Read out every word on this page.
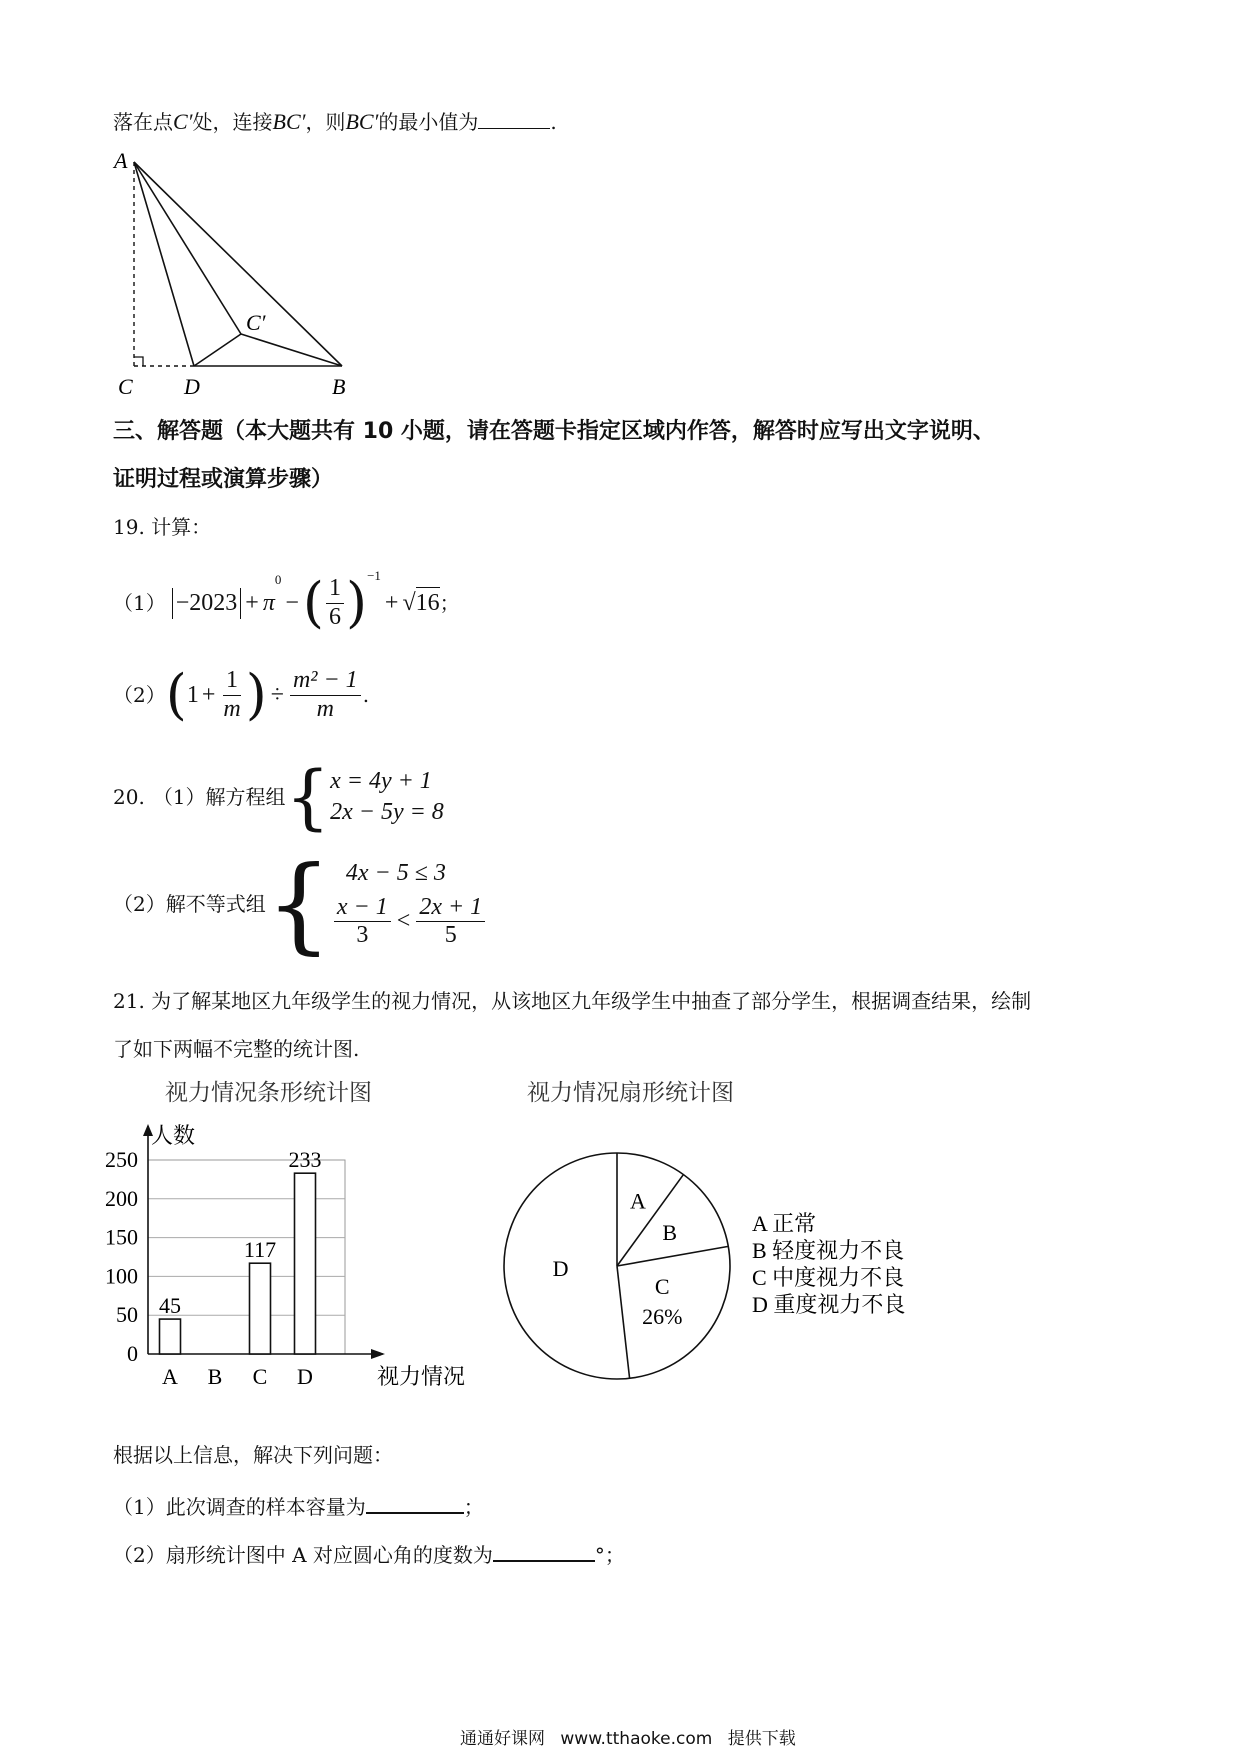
落在点C′处，连接BC′，则BC′的最小值为	.
A
C D	B
C′
三、解答题（本大题共有 10 小题，请在答题卡指定区域内作答，解答时应写出文字说明、
证明过程或演算步骤）
19. 计算：
（1） −2023 + π
$^0$
− ( $\frac{1}{6} )^{-1}$
+ √ 16 ；
（2） ( $1 + \frac{1}{m}$ ) ÷ $\frac{\text{m² − 1}}{m}$ .
20. （1）解方程组 { x = 4y + 1
2x − 5y = 8
（2）解不等式组 { 4x − 5 ≤ 3
$\frac{x - 1}{3} < \frac{2x + 1}{5}$
21. 为了解某地区九年级学生的视力情况，从该地区九年级学生中抽查了部分学生，根据调查结果，绘制
了如下两幅不完整的统计图.
视力情况条形统计图	视力情况扇形统计图
0
50
100
150
200
250
人数
视力情况
A
45
B C
117
D
233
A
B
C
26%
D
A 正常
B 轻度视力不良
C 中度视力不良
D 重度视力不良
根据以上信息，解决下列问题：
（1）此次调查的样本容量为	；
（2）扇形统计图中 A 对应圆心角的度数为	°；
通通好课网 www.tthaoke.com 提供下载
